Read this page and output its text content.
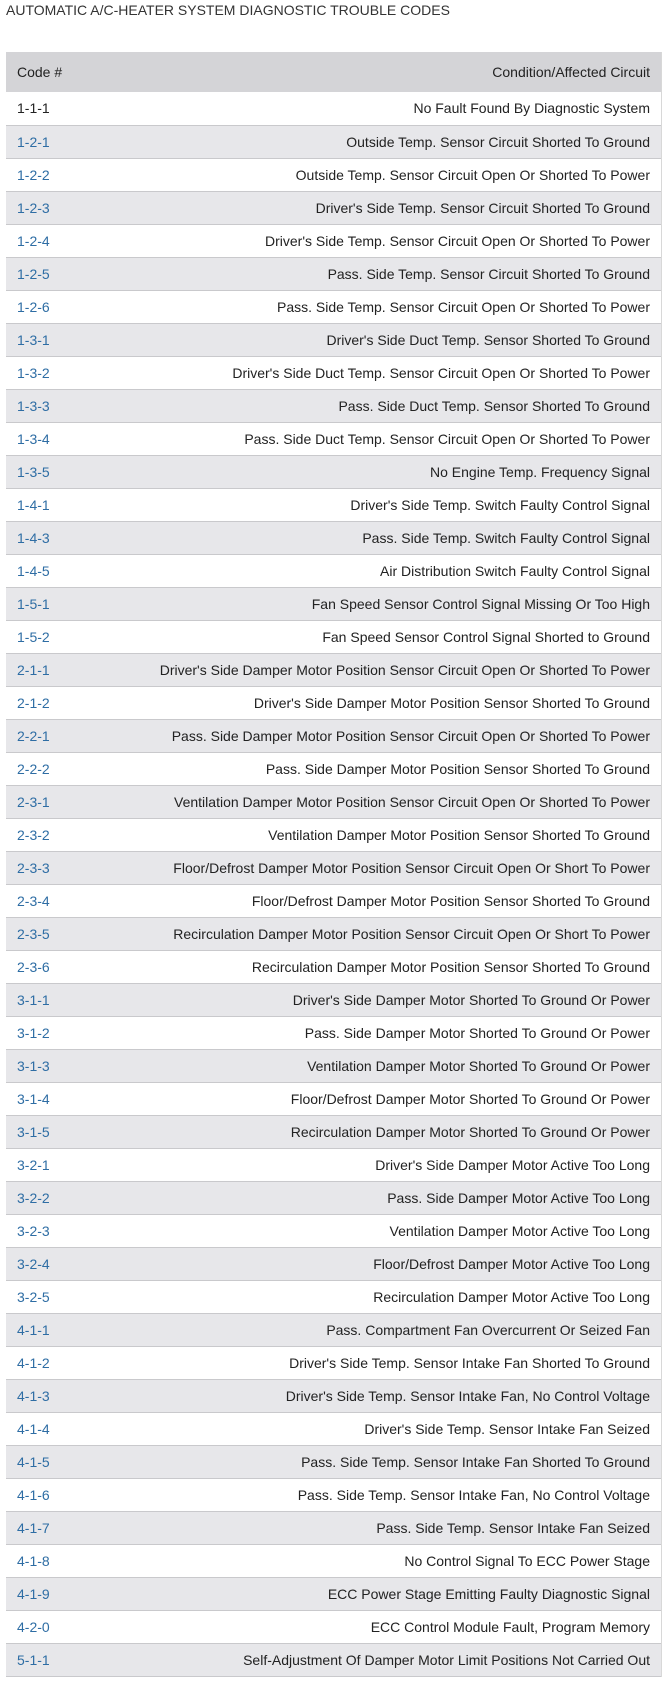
AUTOMATIC A/C-HEATER SYSTEM DIAGNOSTIC TROUBLE CODES
Code #	Condition/Affected Circuit
1-1-1	No Fault Found By Diagnostic System
1-2-1	Outside Temp. Sensor Circuit Shorted To Ground
1-2-2	Outside Temp. Sensor Circuit Open Or Shorted To Power
1-2-3	Driver's Side Temp. Sensor Circuit Shorted To Ground
1-2-4	Driver's Side Temp. Sensor Circuit Open Or Shorted To Power
1-2-5	Pass. Side Temp. Sensor Circuit Shorted To Ground
1-2-6	Pass. Side Temp. Sensor Circuit Open Or Shorted To Power
1-3-1	Driver's Side Duct Temp. Sensor Shorted To Ground
1-3-2	Driver's Side Duct Temp. Sensor Circuit Open Or Shorted To Power
1-3-3	Pass. Side Duct Temp. Sensor Shorted To Ground
1-3-4	Pass. Side Duct Temp. Sensor Circuit Open Or Shorted To Power
1-3-5	No Engine Temp. Frequency Signal
1-4-1	Driver's Side Temp. Switch Faulty Control Signal
1-4-3	Pass. Side Temp. Switch Faulty Control Signal
1-4-5	Air Distribution Switch Faulty Control Signal
1-5-1	Fan Speed Sensor Control Signal Missing Or Too High
1-5-2	Fan Speed Sensor Control Signal Shorted to Ground
2-1-1	Driver's Side Damper Motor Position Sensor Circuit Open Or Shorted To Power
2-1-2	Driver's Side Damper Motor Position Sensor Shorted To Ground
2-2-1	Pass. Side Damper Motor Position Sensor Circuit Open Or Shorted To Power
2-2-2	Pass. Side Damper Motor Position Sensor Shorted To Ground
2-3-1	Ventilation Damper Motor Position Sensor Circuit Open Or Shorted To Power
2-3-2	Ventilation Damper Motor Position Sensor Shorted To Ground
2-3-3	Floor/Defrost Damper Motor Position Sensor Circuit Open Or Short To Power
2-3-4	Floor/Defrost Damper Motor Position Sensor Shorted To Ground
2-3-5	Recirculation Damper Motor Position Sensor Circuit Open Or Short To Power
2-3-6	Recirculation Damper Motor Position Sensor Shorted To Ground
3-1-1	Driver's Side Damper Motor Shorted To Ground Or Power
3-1-2	Pass. Side Damper Motor Shorted To Ground Or Power
3-1-3	Ventilation Damper Motor Shorted To Ground Or Power
3-1-4	Floor/Defrost Damper Motor Shorted To Ground Or Power
3-1-5	Recirculation Damper Motor Shorted To Ground Or Power
3-2-1	Driver's Side Damper Motor Active Too Long
3-2-2	Pass. Side Damper Motor Active Too Long
3-2-3	Ventilation Damper Motor Active Too Long
3-2-4	Floor/Defrost Damper Motor Active Too Long
3-2-5	Recirculation Damper Motor Active Too Long
4-1-1	Pass. Compartment Fan Overcurrent Or Seized Fan
4-1-2	Driver's Side Temp. Sensor Intake Fan Shorted To Ground
4-1-3	Driver's Side Temp. Sensor Intake Fan, No Control Voltage
4-1-4	Driver's Side Temp. Sensor Intake Fan Seized
4-1-5	Pass. Side Temp. Sensor Intake Fan Shorted To Ground
4-1-6	Pass. Side Temp. Sensor Intake Fan, No Control Voltage
4-1-7	Pass. Side Temp. Sensor Intake Fan Seized
4-1-8	No Control Signal To ECC Power Stage
4-1-9	ECC Power Stage Emitting Faulty Diagnostic Signal
4-2-0	ECC Control Module Fault, Program Memory
5-1-1	Self-Adjustment Of Damper Motor Limit Positions Not Carried Out
